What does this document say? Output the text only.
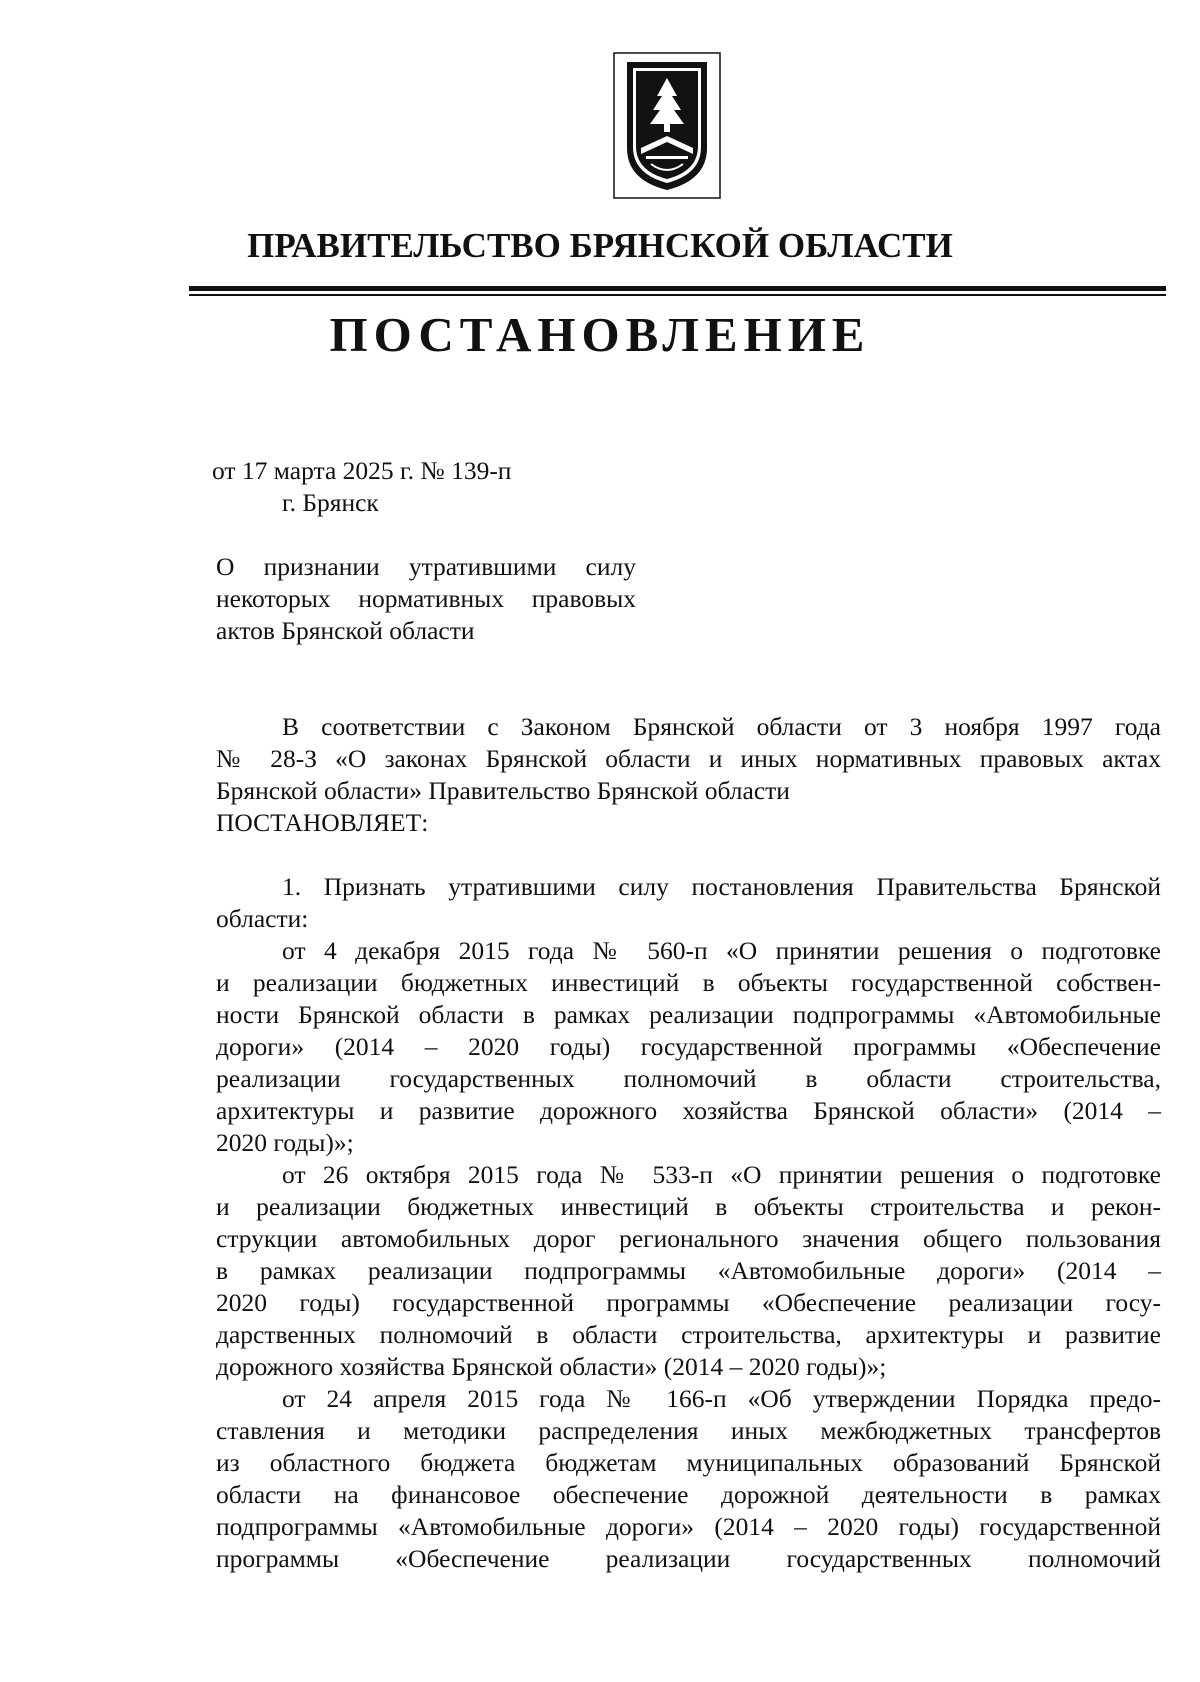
ПРАВИТЕЛЬСТВО БРЯНСКОЙ ОБЛАСТИ
ПОСТАНОВЛЕНИЕ
от 17 марта 2025 г. № 139-п
г. Брянск
О признании утратившими силу
некоторых нормативных правовых
актов Брянской области
В соответствии с Законом Брянской области от 3 ноября 1997 года
№ 28-З «О законах Брянской области и иных нормативных правовых актах
Брянской области» Правительство Брянской области
ПОСТАНОВЛЯЕТ:
1. Признать утратившими силу постановления Правительства Брянской
области:
от 4 декабря 2015 года № 560-п «О принятии решения о подготовке
и реализации бюджетных инвестиций в объекты государственной собствен-
ности Брянской области в рамках реализации подпрограммы «Автомобильные
дороги» (2014 – 2020 годы) государственной программы «Обеспечение
реализации государственных полномочий в области строительства,
архитектуры и развитие дорожного хозяйства Брянской области» (2014 –
2020 годы)»;
от 26 октября 2015 года № 533-п «О принятии решения о подготовке
и реализации бюджетных инвестиций в объекты строительства и рекон-
струкции автомобильных дорог регионального значения общего пользования
в рамках реализации подпрограммы «Автомобильные дороги» (2014 –
2020 годы) государственной программы «Обеспечение реализации госу-
дарственных полномочий в области строительства, архитектуры и развитие
дорожного хозяйства Брянской области» (2014 – 2020 годы)»;
от 24 апреля 2015 года № 166-п «Об утверждении Порядка предо-
ставления и методики распределения иных межбюджетных трансфертов
из областного бюджета бюджетам муниципальных образований Брянской
области на финансовое обеспечение дорожной деятельности в рамках
подпрограммы «Автомобильные дороги» (2014 – 2020 годы) государственной
программы «Обеспечение реализации государственных полномочий
